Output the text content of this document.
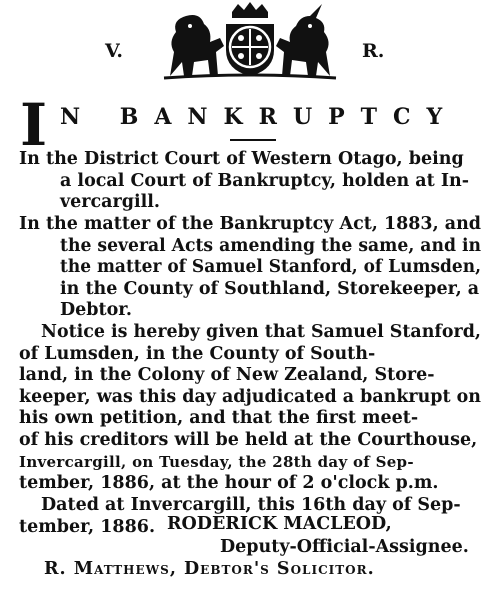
V.	R.
I N BANKRUPTCY
In the District Court of Western Otago, being
a local Court of Bankruptcy, holden at In-
vercargill.
In the matter of the Bankruptcy Act, 1883, and
the several Acts amending the same, and in
the matter of Samuel Stanford, of Lumsden,
in the County of Southland, Storekeeper, a
Debtor.
Notice is hereby given that Samuel Stanford,
of Lumsden, in the County of South-
land, in the Colony of New Zealand, Store-
keeper, was this day adjudicated a bankrupt on
his own petition, and that the first meet-
of his creditors will be held at the Courthouse,
Invercargill, on Tuesday, the 28th day of Sep-
tember, 1886, at the hour of 2 o'clock p.m.
Dated at Invercargill, this 16th day of Sep-
tember, 1886. RODERICK MACLEOD,
Deputy-Official-Assignee.
R. Matthews, Debtor's Solicitor.
